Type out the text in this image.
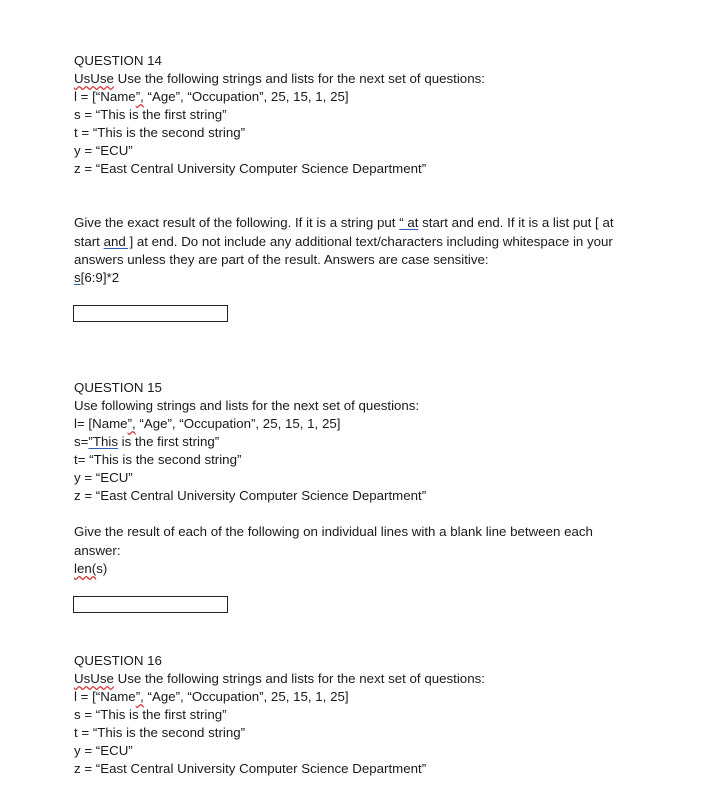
QUESTION 14
UsUse Use the following strings and lists for the next set of questions:
l = [“Name”, “Age”, “Occupation”, 25, 15, 1, 25]
s = “This is the first string”
t = “This is the second string”
y = “ECU”
z = “East Central University Computer Science Department”
Give the exact result of the following. If it is a string put “ at start and end. If it is a list put [ at start and ] at end. Do not include any additional text/characters including whitespace in your answers unless they are part of the result. Answers are case sensitive:
s[6:9]*2
QUESTION 15
Use following strings and lists for the next set of questions:
l= [Name”, “Age”, “Occupation”, 25, 15, 1, 25]
s=”This is the first string”
t= “This is the second string”
y = “ECU”
z = “East Central University Computer Science Department”
Give the result of each of the following on individual lines with a blank line between each answer:
len(s)
QUESTION 16
UsUse Use the following strings and lists for the next set of questions:
l = [“Name”, “Age”, “Occupation”, 25, 15, 1, 25]
s = “This is the first string”
t = “This is the second string”
y = “ECU”
z = “East Central University Computer Science Department”
